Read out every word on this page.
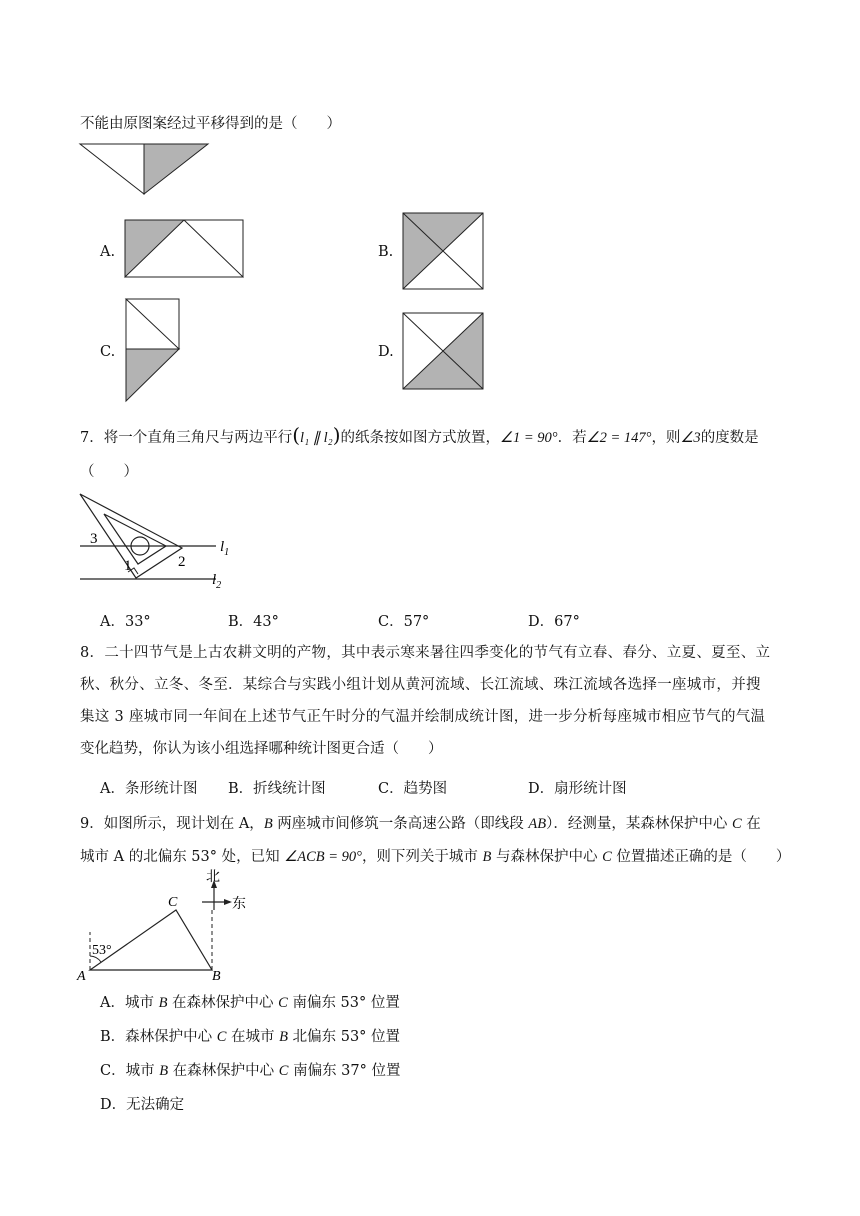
不能由原图案经过平移得到的是（　　）
A.	B.
C.	D.
7．将一个直角三角尺与两边平行(l₁ ∥ l₂)的纸条按如图方式放置，∠1 = 90°．若∠2 = 147°，则∠3的度数是
（　　）
3
1	2
$l_1$
$l_2$
A．33°	B．43°	C．57°	D．67°
8．二十四节气是上古农耕文明的产物，其中表示寒来暑往四季变化的节气有立春、春分、立夏、夏至、立
秋、秋分、立冬、冬至．某综合与实践小组计划从黄河流域、长江流域、珠江流域各选择一座城市，并搜
集这 3 座城市同一年间在上述节气正午时分的气温并绘制成统计图，进一步分析每座城市相应节气的气温
变化趋势，你认为该小组选择哪种统计图更合适（　　）
A．条形统计图 B．折线统计图	C．趋势图	D．扇形统计图
9．如图所示，现计划在 A，B 两座城市间修筑一条高速公路（即线段 AB）．经测量，某森林保护中心 C 在
城市 A 的北偏东 53° 处，已知 ∠ACB = 90°，则下列关于城市 B 与森林保护中心 C 位置描述正确的是（　　）
北
东
53°
A	B
C
A．城市 B 在森林保护中心 C 南偏东 53° 位置
B．森林保护中心 C 在城市 B 北偏东 53° 位置
C．城市 B 在森林保护中心 C 南偏东 37° 位置
D．无法确定
